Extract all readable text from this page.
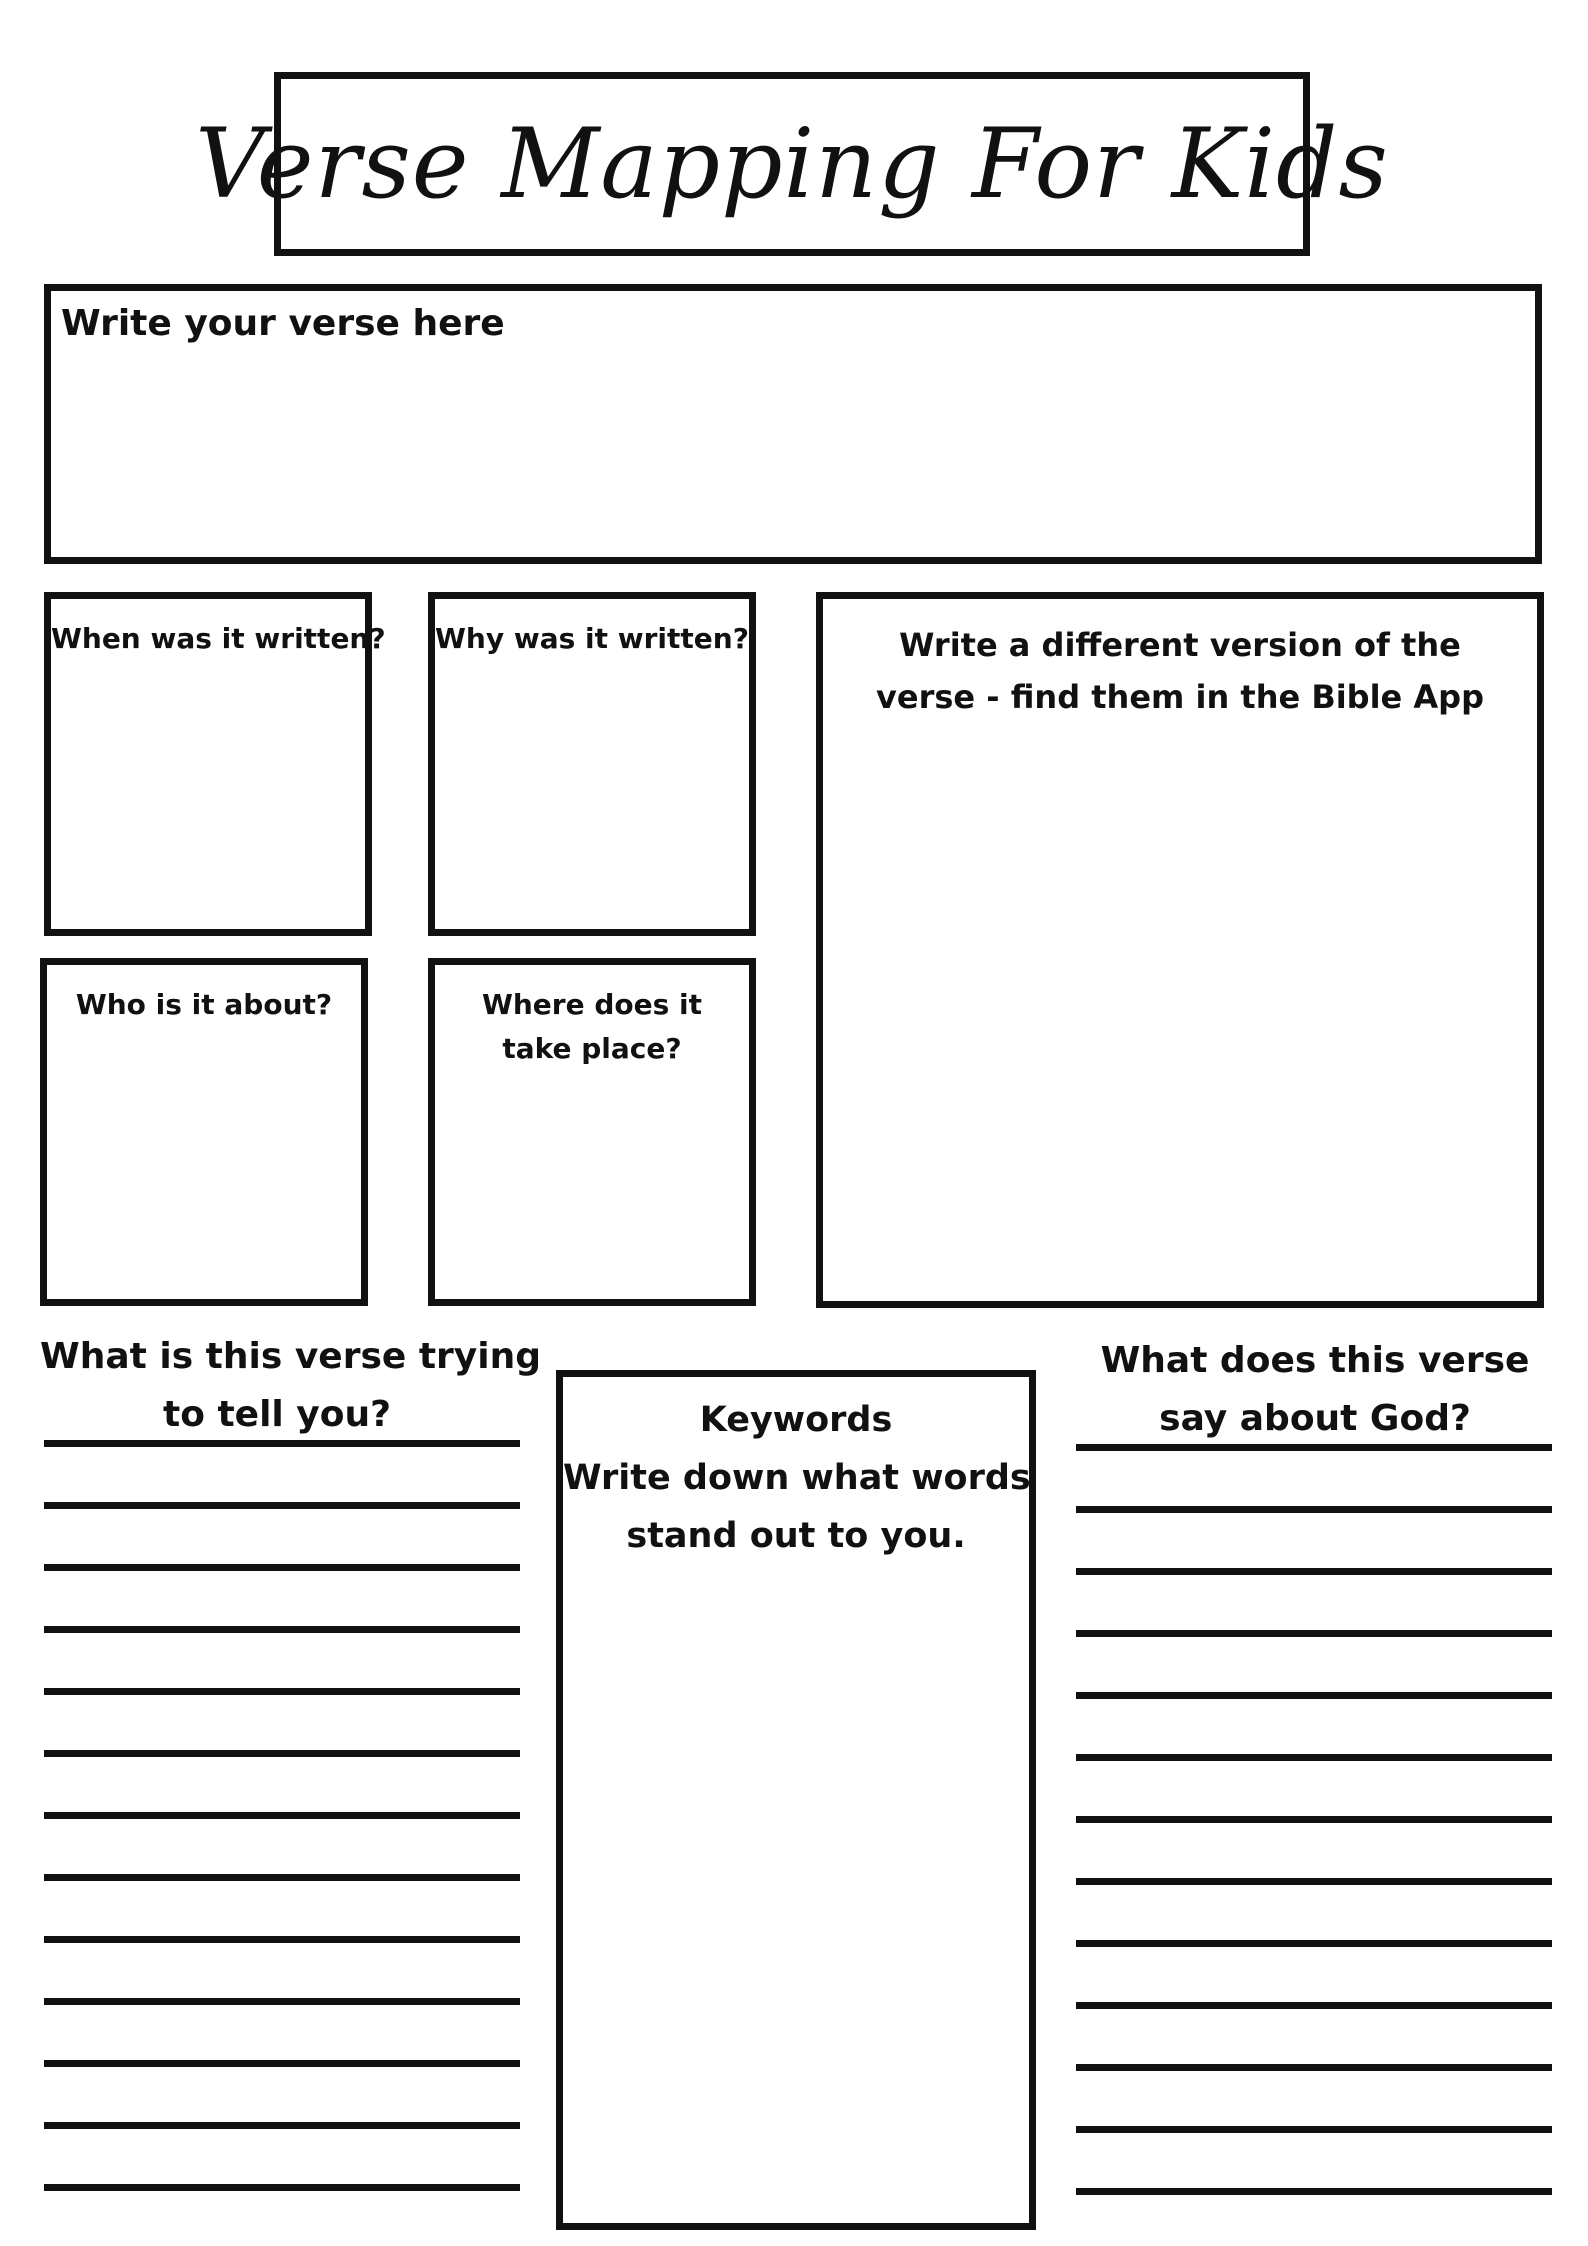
Verse Mapping For Kids
Write your verse here
When was it written? Why was it written?
Who is it about?	Where does it
take place?
Write a different version of the
verse - find them in the Bible App
What is this verse trying
to tell you?	Keywords
Write down what words
stand out to you.
What does this verse
say about God?
